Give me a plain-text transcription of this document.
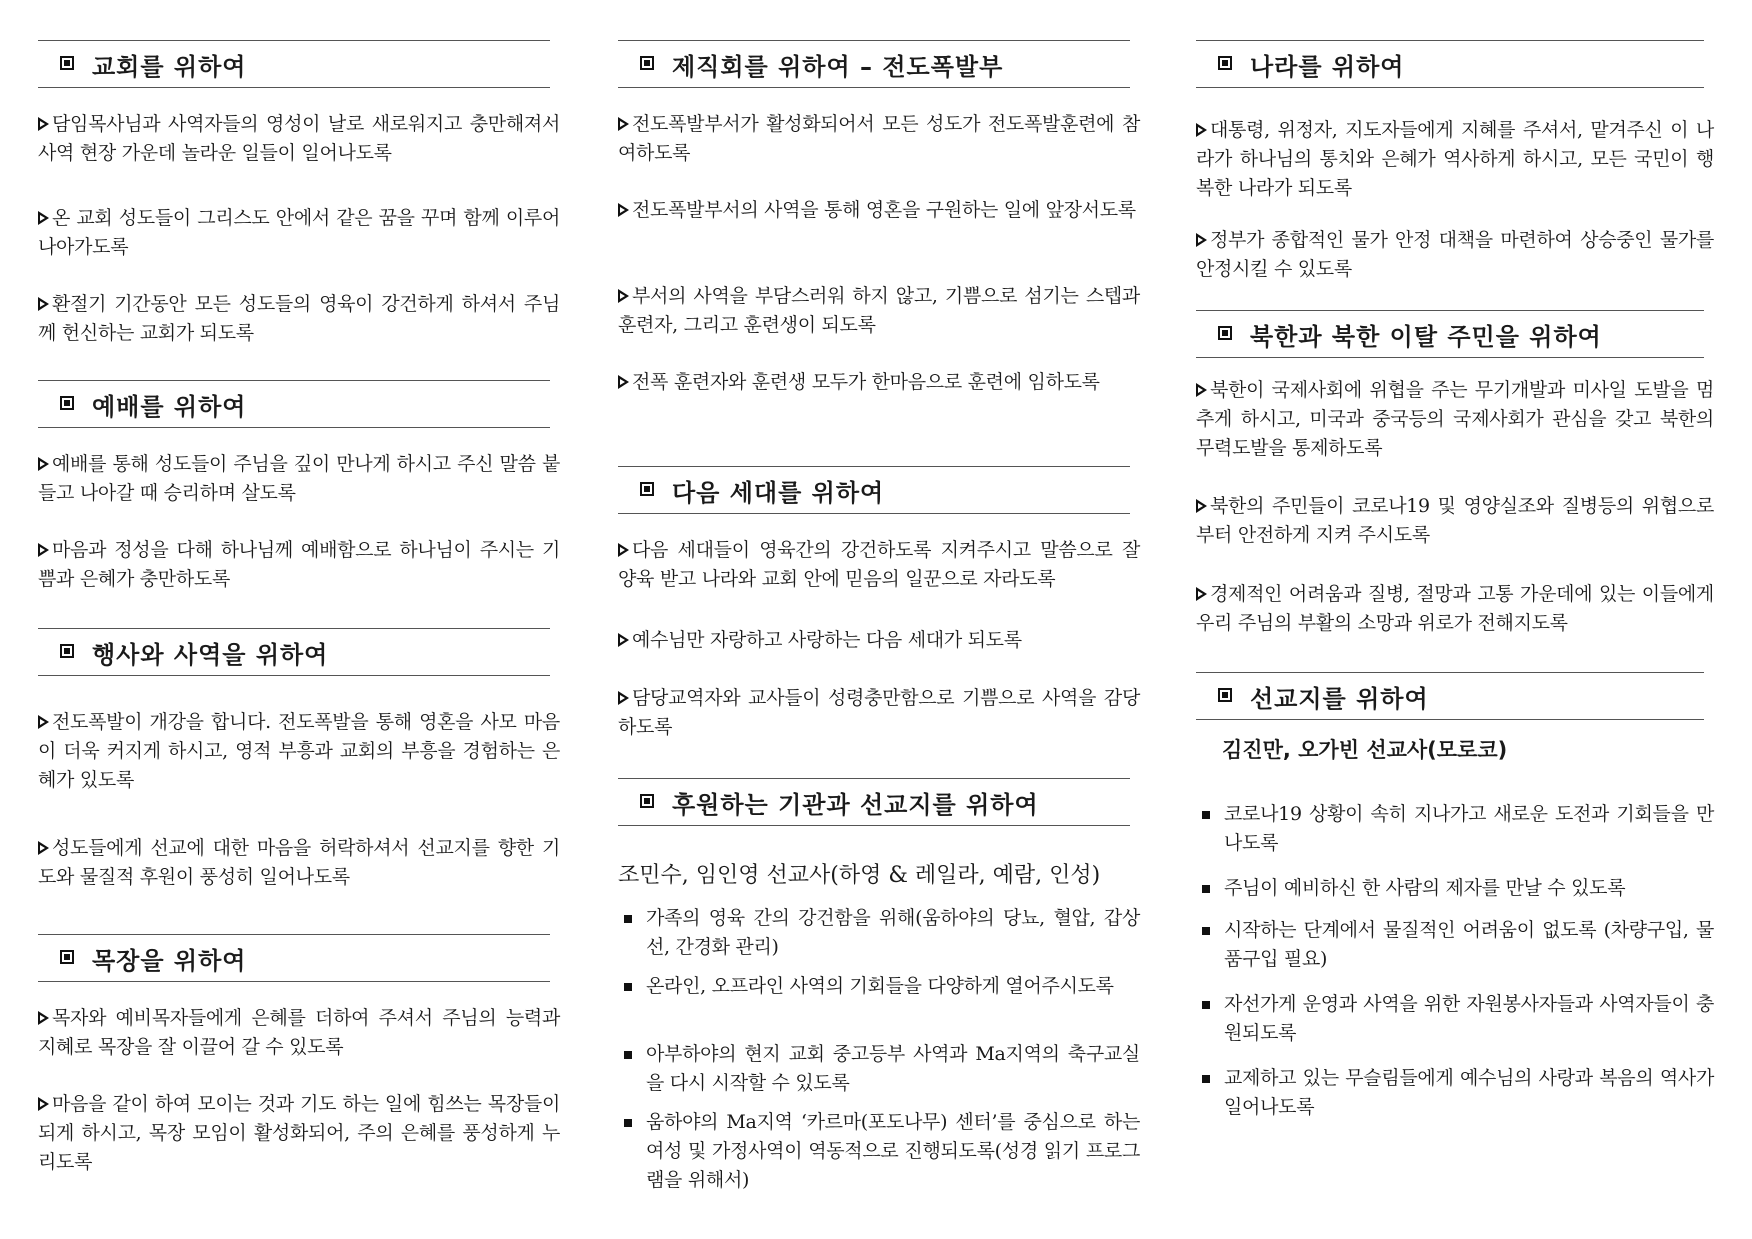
교회를 위하여
담임목사님과 사역자들의 영성이 날로 새로워지고 충만해져서 사역 현장 가운데 놀라운 일들이 일어나도록
온 교회 성도들이 그리스도 안에서 같은 꿈을 꾸며 함께 이루어 나아가도록
환절기 기간동안 모든 성도들의 영육이 강건하게 하셔서 주님께 헌신하는 교회가 되도록
예배를 위하여
예배를 통해 성도들이 주님을 깊이 만나게 하시고 주신 말씀 붙들고 나아갈 때 승리하며 살도록
마음과 정성을 다해 하나님께 예배함으로 하나님이 주시는 기쁨과 은혜가 충만하도록
행사와 사역을 위하여
전도폭발이 개강을 합니다. 전도폭발을 통해 영혼을 사모 마음이 더욱 커지게 하시고, 영적 부흥과 교회의 부흥을 경험하는 은혜가 있도록
성도들에게 선교에 대한 마음을 허락하셔서 선교지를 향한 기도와 물질적 후원이 풍성히 일어나도록
목장을 위하여
목자와 예비목자들에게 은혜를 더하여 주셔서 주님의 능력과 지혜로 목장을 잘 이끌어 갈 수 있도록
마음을 같이 하여 모이는 것과 기도 하는 일에 힘쓰는 목장들이 되게 하시고, 목장 모임이 활성화되어, 주의 은혜를 풍성하게 누리도록
제직회를 위하여 – 전도폭발부
전도폭발부서가 활성화되어서 모든 성도가 전도폭발훈련에 참여하도록
전도폭발부서의 사역을 통해 영혼을 구원하는 일에 앞장서도록
부서의 사역을 부담스러워 하지 않고, 기쁨으로 섬기는 스텝과 훈련자, 그리고 훈련생이 되도록
전폭 훈련자와 훈련생 모두가 한마음으로 훈련에 임하도록
다음 세대를 위하여
다음 세대들이 영육간의 강건하도록 지켜주시고 말씀으로 잘 양육 받고 나라와 교회 안에 믿음의 일꾼으로 자라도록
예수님만 자랑하고 사랑하는 다음 세대가 되도록
담당교역자와 교사들이 성령충만함으로 기쁨으로 사역을 감당하도록
후원하는 기관과 선교지를 위하여
조민수, 임인영 선교사(하영 & 레일라, 예람, 인성)
가족의 영육 간의 강건함을 위해(움하야의 당뇨, 혈압, 갑상선, 간경화 관리)
온라인, 오프라인 사역의 기회들을 다양하게 열어주시도록
아부하야의 현지 교회 중고등부 사역과 Ma지역의 축구교실을 다시 시작할 수 있도록
움하야의 Ma지역 ‘카르마(포도나무) 센터’를 중심으로 하는 여성 및 가정사역이 역동적으로 진행되도록(성경 읽기 프로그램을 위해서)
나라를 위하여
대통령, 위정자, 지도자들에게 지혜를 주셔서, 맡겨주신 이 나라가 하나님의 통치와 은혜가 역사하게 하시고, 모든 국민이 행복한 나라가 되도록
정부가 종합적인 물가 안정 대책을 마련하여 상승중인 물가를 안정시킬 수 있도록
북한과 북한 이탈 주민을 위하여
북한이 국제사회에 위협을 주는 무기개발과 미사일 도발을 멈추게 하시고, 미국과 중국등의 국제사회가 관심을 갖고 북한의 무력도발을 통제하도록
북한의 주민들이 코로나19 및 영양실조와 질병등의 위협으로부터 안전하게 지켜 주시도록
경제적인 어려움과 질병, 절망과 고통 가운데에 있는 이들에게 우리 주님의 부활의 소망과 위로가 전해지도록
선교지를 위하여
김진만, 오가빈 선교사(모로코)
코로나19 상황이 속히 지나가고 새로운 도전과 기회들을 만나도록
주님이 예비하신 한 사람의 제자를 만날 수 있도록
시작하는 단계에서 물질적인 어려움이 없도록 (차량구입, 물품구입 필요)
자선가게 운영과 사역을 위한 자원봉사자들과 사역자들이 충원되도록
교제하고 있는 무슬림들에게 예수님의 사랑과 복음의 역사가 일어나도록
